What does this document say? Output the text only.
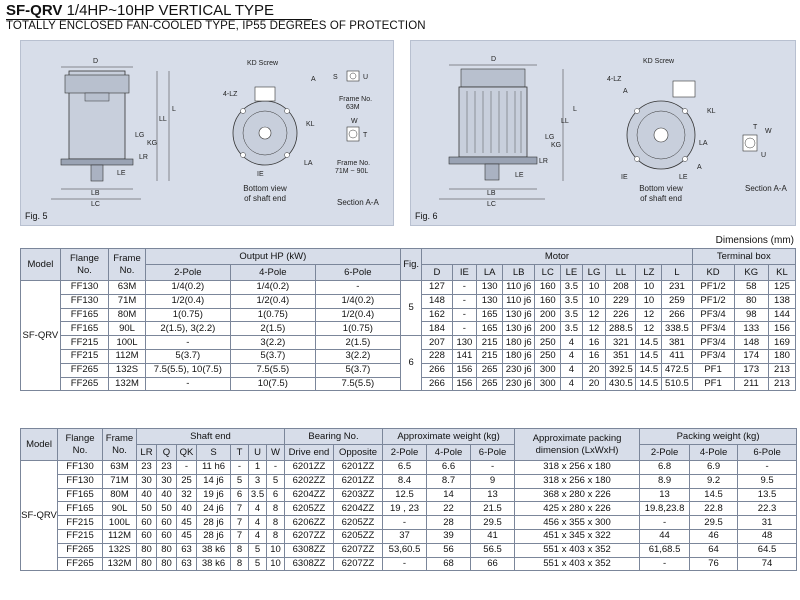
SF-QRV 1/4HP~10HP VERTICAL TYPE
TOTALLY ENCLOSED FAN-COOLED TYPE, IP55 DEGREES OF PROTECTION
D
L
LL
LG
KG
LR
LE
LB
LC
KD Screw
4-LZ
KL
LA
IE
Bottom view
of shaft end
S	U
Frame No.
63M
W
T
Frame No.
71M ~ 90L
Section A-A
A
Fig. 5
D
L
LL
LG
KG
LR
LE
LB
LC
KD Screw
4-LZ
KL
LA
A
A
IE	LE
Bottom view
of shaft end
T
W
U
Section A-A
Fig. 6
Dimensions (mm)
Model	Flange
No.	Frame
No.	Output HP (kW)			Fig.	Motor										Terminal box		
			2-Pole	4-Pole	6-Pole		D	IE	LA	LB	LC	LE	LG	LL	LZ	L	KD	KG	KL
SF-QRV	FF130	63M	1/4(0.2)	1/4(0.2)	-	5	127	-	130	110 j6	160	3.5	10	208	10	231	PF1/2	58	125
	FF130	71M	1/2(0.4)	1/2(0.4)	1/4(0.2)		148	-	130	110 j6	160	3.5	10	229	10	259	PF1/2	80	138
	FF165	80M	1(0.75)	1(0.75)	1/2(0.4)		162	-	165	130 j6	200	3.5	12	226	12	266	PF3/4	98	144
	FF165	90L	2(1.5), 3(2.2)	2(1.5)	1(0.75)		184	-	165	130 j6	200	3.5	12	288.5	12	338.5	PF3/4	133	156
	FF215	100L	-	3(2.2)	2(1.5)	6	207	130	215	180 j6	250	4	16	321	14.5	381	PF3/4	148	169
	FF215	112M	5(3.7)	5(3.7)	3(2.2)		228	141	215	180 j6	250	4	16	351	14.5	411	PF3/4	174	180
	FF265	132S	7.5(5.5), 10(7.5)	7.5(5.5)	5(3.7)		266	156	265	230 j6	300	4	20	392.5	14.5	472.5	PF1	173	213
	FF265	132M	-	10(7.5)	7.5(5.5)		266	156	265	230 j6	300	4	20	430.5	14.5	510.5	PF1	211	213
Model	Flange
No.	Frame
No.	Shaft end							Bearing No.		Approximate weight (kg)			Approximate packing
dimension (LxWxH)	Packing weight (kg)		
			LR	Q	QK	S	T	U	W	Drive end	Opposite	2-Pole	4-Pole	6-Pole		2-Pole	4-Pole	6-Pole
SF-QRV	FF130	63M	23	23	-	11 h6	-	1	-	6201ZZ	6201ZZ	6.5	6.6	-	318 x 256 x 180	6.8	6.9	-
	FF130	71M	30	30	25	14 j6	5	3	5	6202ZZ	6201ZZ	8.4	8.7	9	318 x 256 x 180	8.9	9.2	9.5
	FF165	80M	40	40	32	19 j6	6	3.5	6	6204ZZ	6203ZZ	12.5	14	13	368 x 280 x 226	13	14.5	13.5
	FF165	90L	50	50	40	24 j6	7	4	8	6205ZZ	6204ZZ	19 , 23	22	21.5	425 x 280 x 226	19.8,23.8	22.8	22.3
	FF215	100L	60	60	45	28 j6	7	4	8	6206ZZ	6205ZZ	-	28	29.5	456 x 355 x 300	-	29.5	31
	FF215	112M	60	60	45	28 j6	7	4	8	6207ZZ	6205ZZ	37	39	41	451 x 345 x 322	44	46	48
	FF265	132S	80	80	63	38 k6	8	5	10	6308ZZ	6207ZZ	53,60.5	56	56.5	551 x 403 x 352	61,68.5	64	64.5
	FF265	132M	80	80	63	38 k6	8	5	10	6308ZZ	6207ZZ	-	68	66	551 x 403 x 352	-	76	74
